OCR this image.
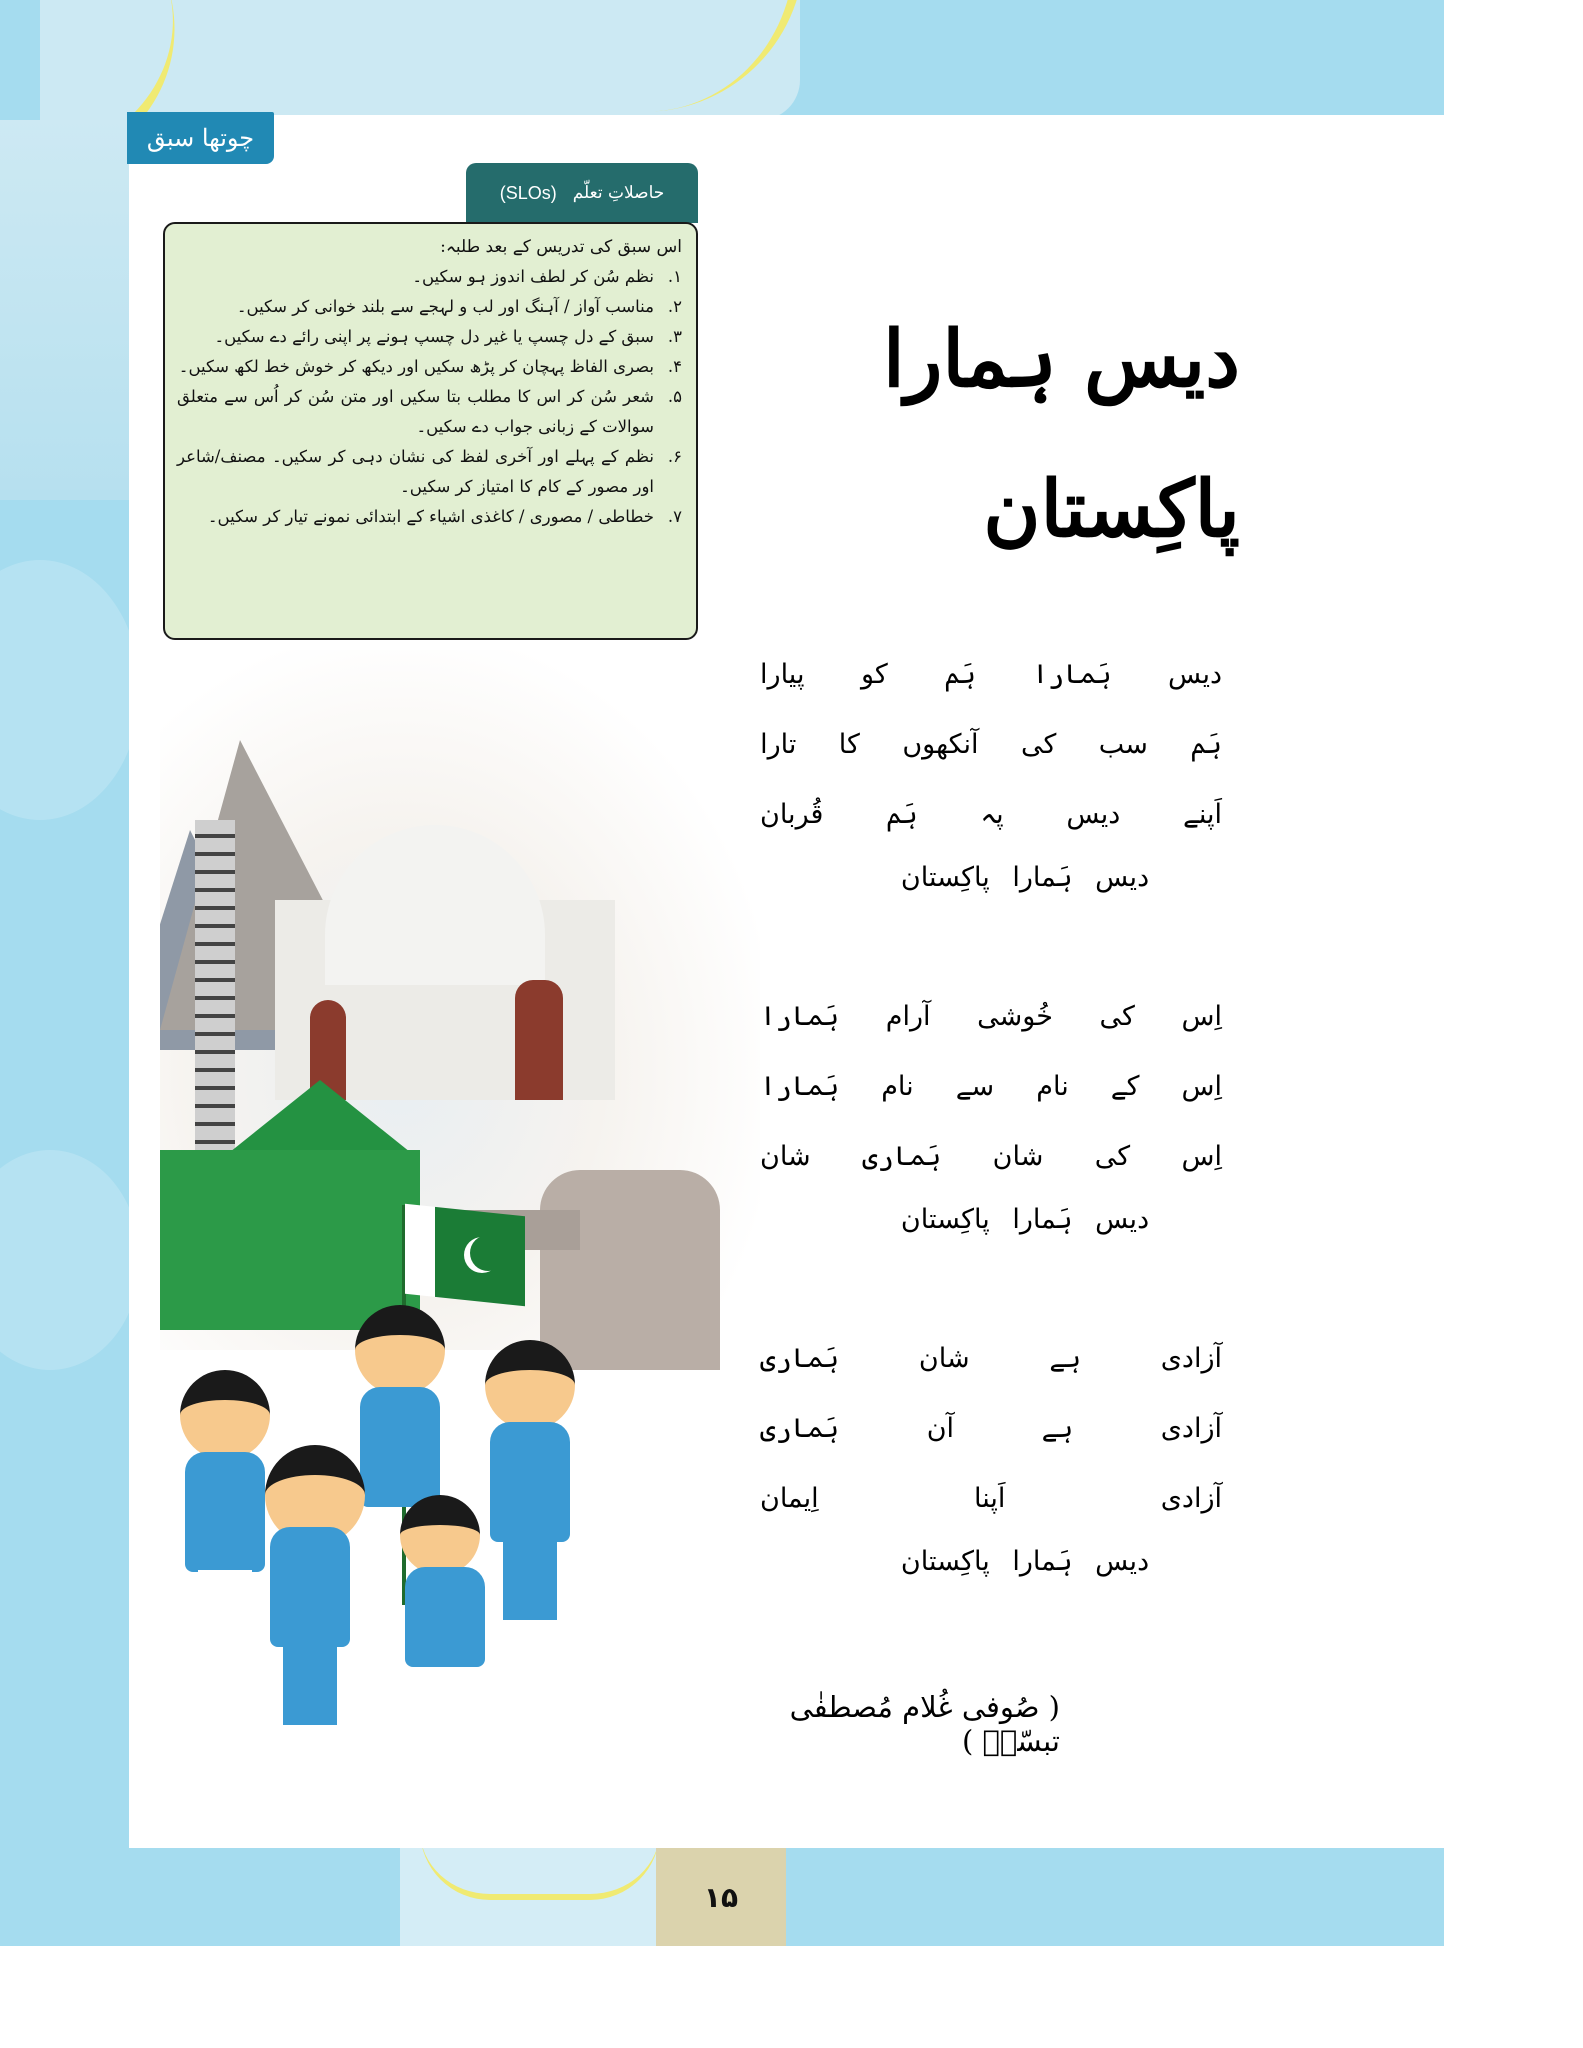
چوتھا سبق
حاصلاتِ تعلّم
(SLOs)
اس سبق کی تدریس کے بعد طلبہ:
۱.
نظم سُن کر لطف اندوز ہو سکیں۔
۲.
مناسب آواز / آہنگ اور لب و لہجے سے بلند خوانی کر سکیں۔
۳.
سبق کے دل چسپ یا غیر دل چسپ ہونے پر اپنی رائے دے سکیں۔
۴.
بصری الفاظ پہچان کر پڑھ سکیں اور دیکھ کر خوش خط لکھ سکیں۔
۵.
شعر سُن کر اس کا مطلب بتا سکیں اور متن سُن کر اُس سے متعلق سوالات کے زبانی جواب دے سکیں۔
۶.
نظم کے پہلے اور آخری لفظ کی نشان دہی کر سکیں۔ مصنف/شاعر اور مصور کے کام کا امتیاز کر سکیں۔
۷.
خطاطی / مصوری / کاغذی اشیاء کے ابتدائی نمونے تیار کر سکیں۔
دیس ہمارا پاکِستان
دیس
ہَمارا
ہَم
کو
پیارا
ہَم
سب
کی
آنکھوں
کا
تارا
اَپنے
دیس
پہ
ہَم
قُربان
دیس ہَمارا پاکِستان
اِس
کی
خُوشی
آرام
ہَمارا
اِس
کے
نام
سے
نام
ہَمارا
اِس
کی
شان
ہَماری
شان
دیس ہَمارا پاکِستان
آزادی
ہے
شان
ہَماری
آزادی
ہے
آن
ہَماری
آزادی
اَپنا
اِیمان
دیس ہَمارا پاکِستان
( صُوفی غُلام مُصطفٰی تبسّمؔ )
۱۵
